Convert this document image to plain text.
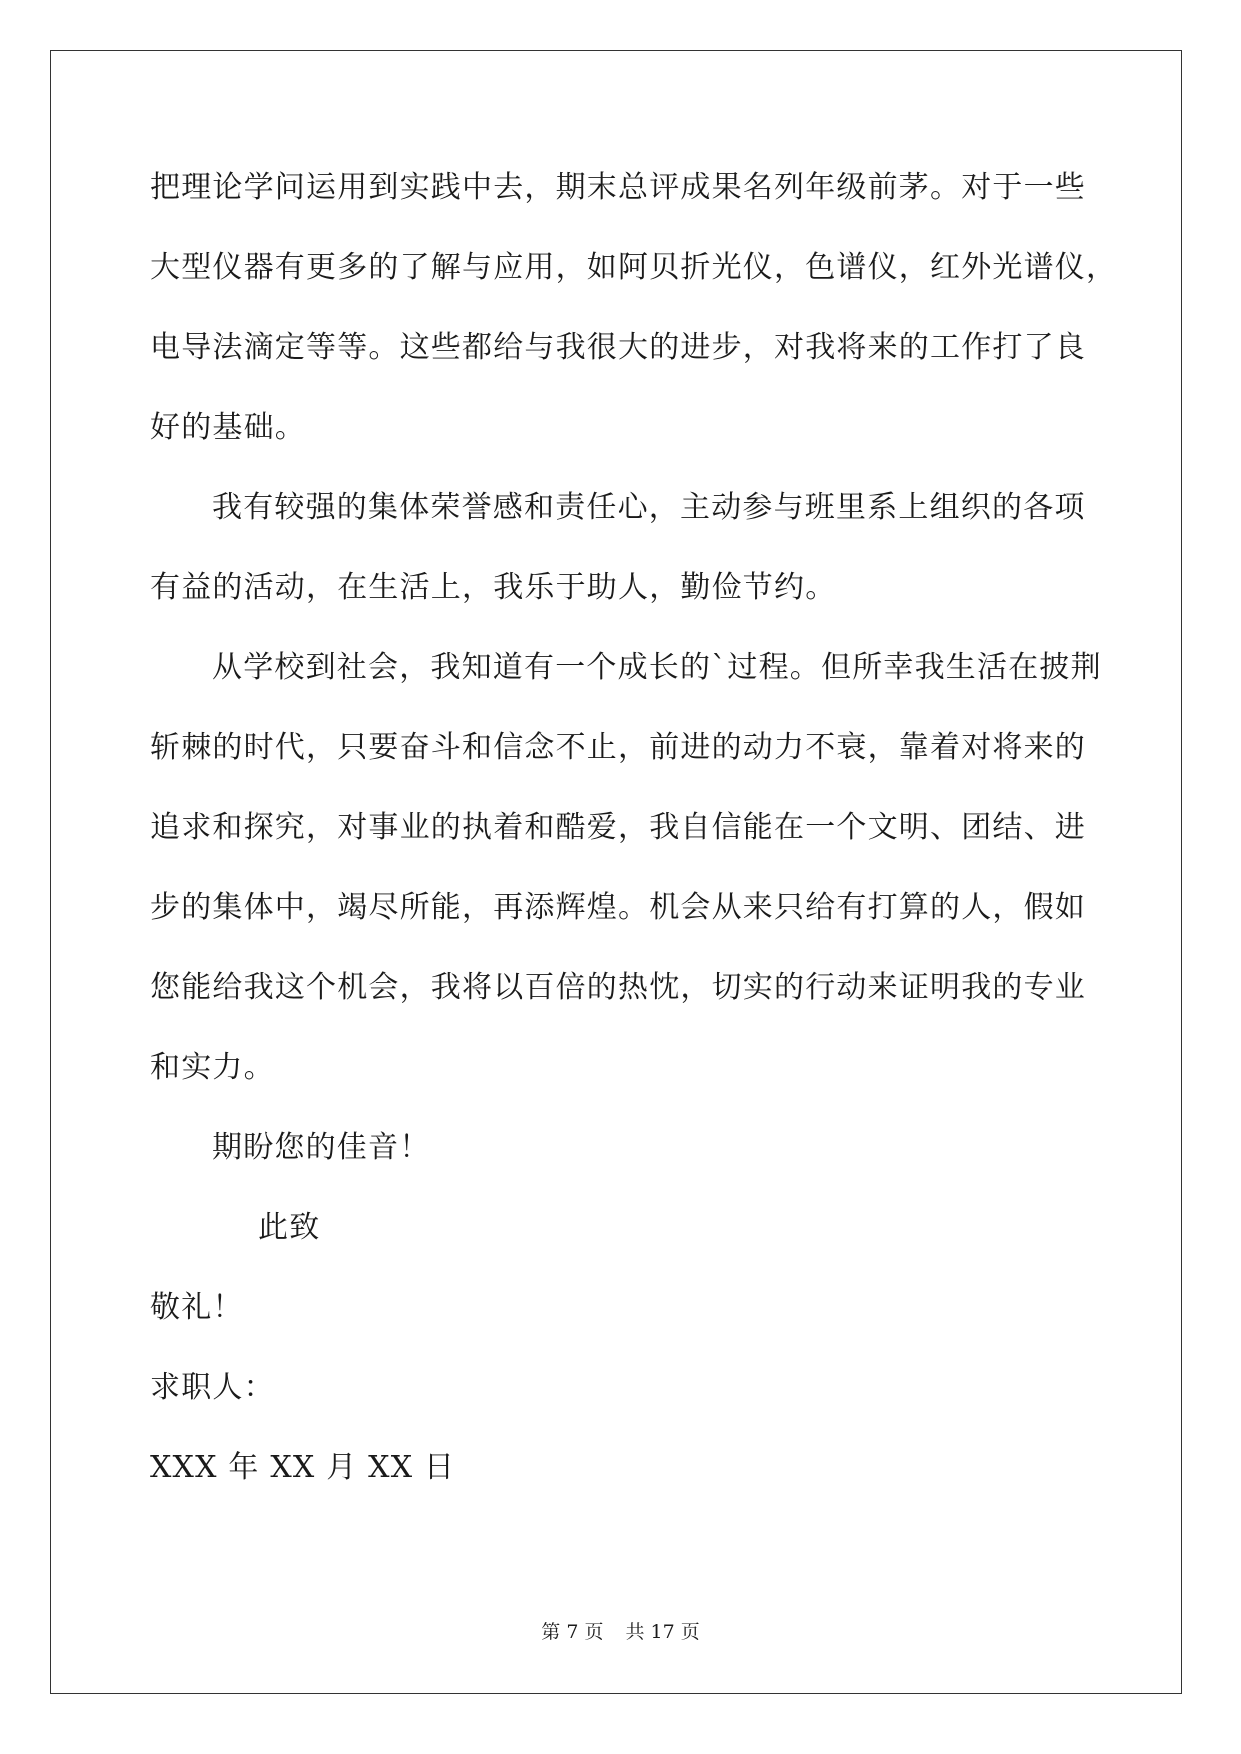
把理论学问运用到实践中去，期末总评成果名列年级前茅。对于一些
大型仪器有更多的了解与应用，如阿贝折光仪，色谱仪，红外光谱仪，
电导法滴定等等。这些都给与我很大的进步，对我将来的工作打了良
好的基础。
我有较强的集体荣誉感和责任心，主动参与班里系上组织的各项
有益的活动，在生活上，我乐于助人，勤俭节约。
从学校到社会，我知道有一个成长的`过程。但所幸我生活在披荆
斩棘的时代，只要奋斗和信念不止，前进的动力不衰，靠着对将来的
追求和探究，对事业的执着和酷爱，我自信能在一个文明、团结、进
步的集体中，竭尽所能，再添辉煌。机会从来只给有打算的人，假如
您能给我这个机会，我将以百倍的热忱，切实的行动来证明我的专业
和实力。
期盼您的佳音！
此致
敬礼！
求职人：
XXX 年 XX 月 XX 日
第 7 页 共 17 页
